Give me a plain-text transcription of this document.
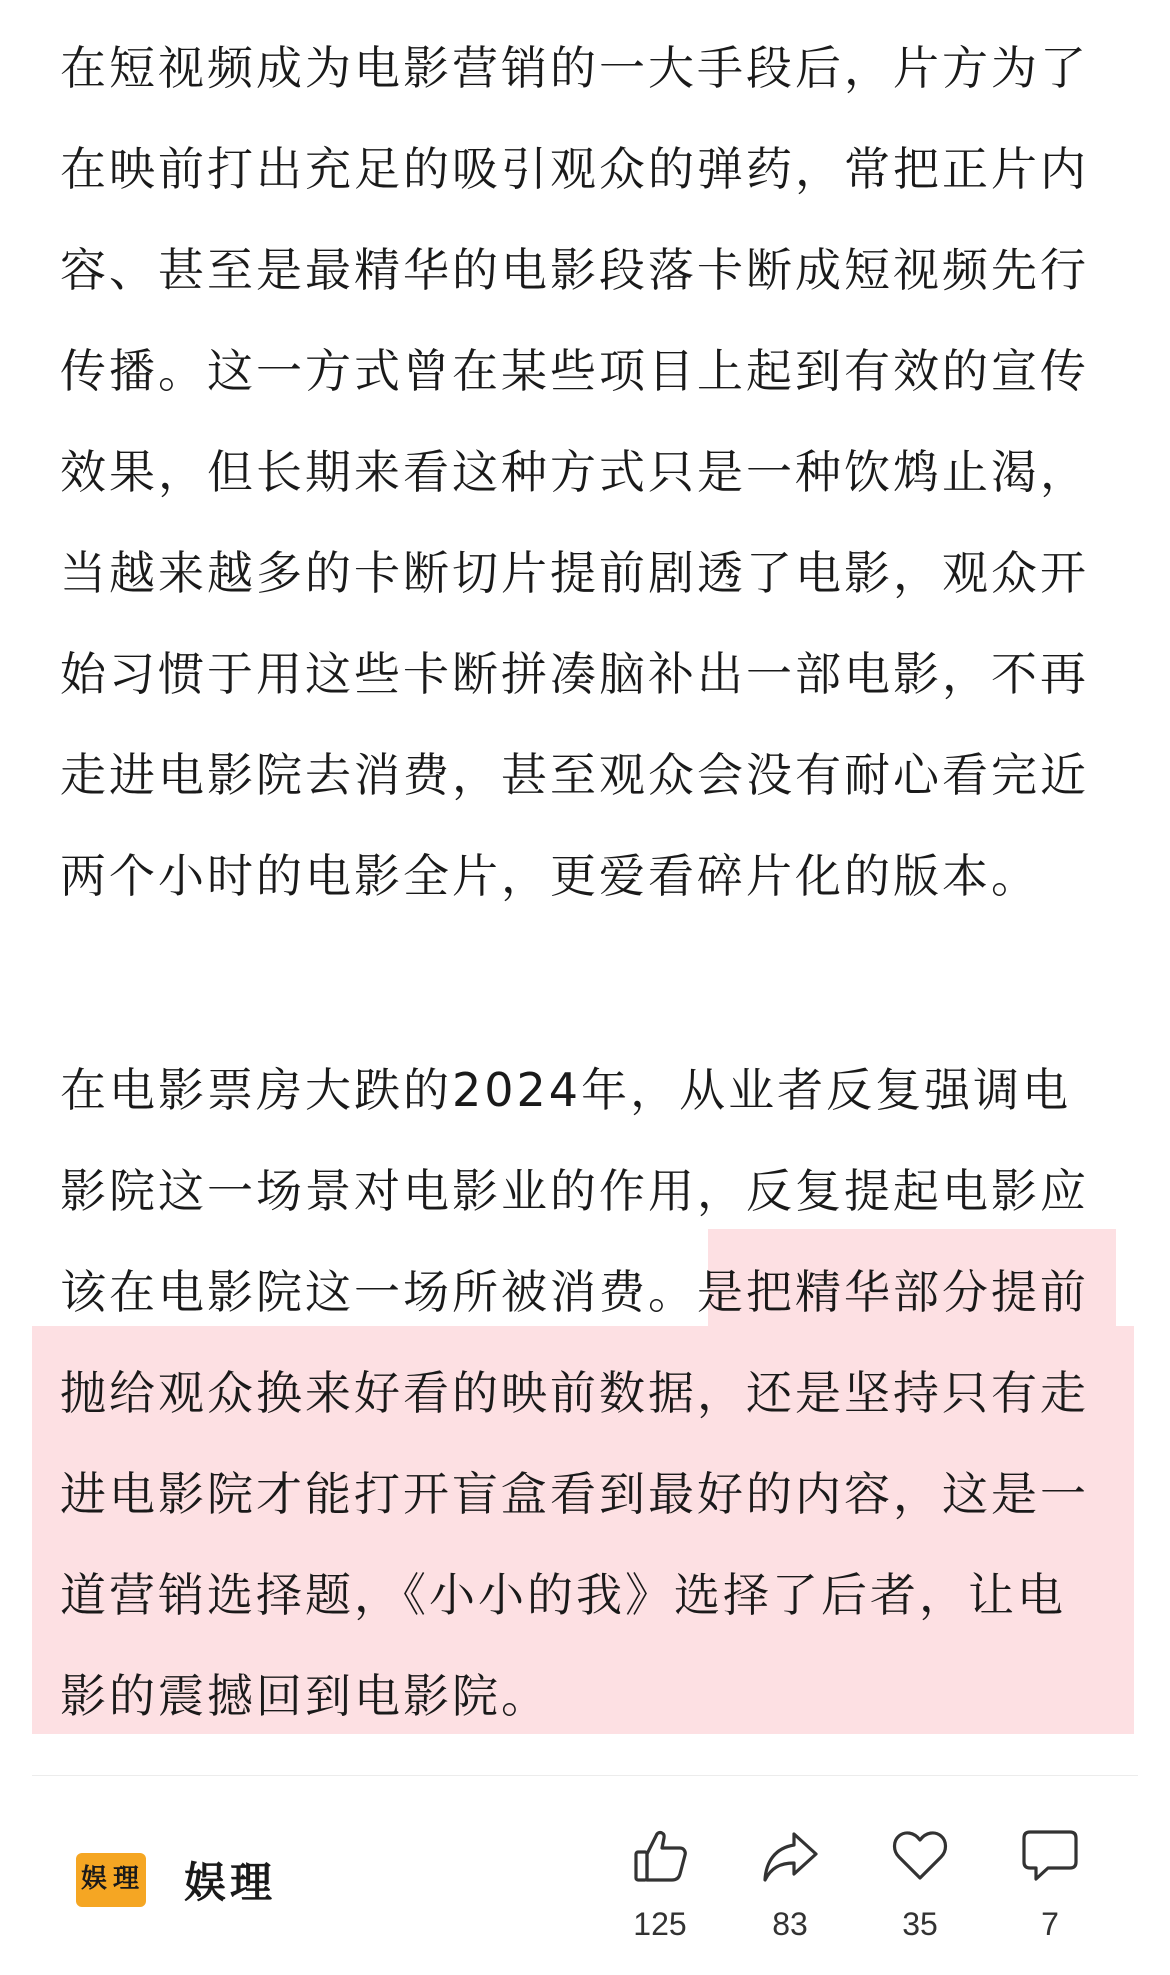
在短视频成为电影营销的一大手段后，片方为了
在映前打出充足的吸引观众的弹药，常把正片内
容、甚至是最精华的电影段落卡断成短视频先行
传播。这一方式曾在某些项目上起到有效的宣传
效果，但长期来看这种方式只是一种饮鸩止渴，
当越来越多的卡断切片提前剧透了电影，观众开
始习惯于用这些卡断拼凑脑补出一部电影，不再
走进电影院去消费，甚至观众会没有耐心看完近
两个小时的电影全片，更爱看碎片化的版本。
在电影票房大跌的2024年，从业者反复强调电
影院这一场景对电影业的作用，反复提起电影应
该在电影院这一场所被消费。是把精华部分提前
抛给观众换来好看的映前数据，还是坚持只有走
进电影院才能打开盲盒看到最好的内容，这是一
道营销选择题，《小小的我》选择了后者，让电
影的震撼回到电影院。
娱 理 娱理
125	83	35	7
